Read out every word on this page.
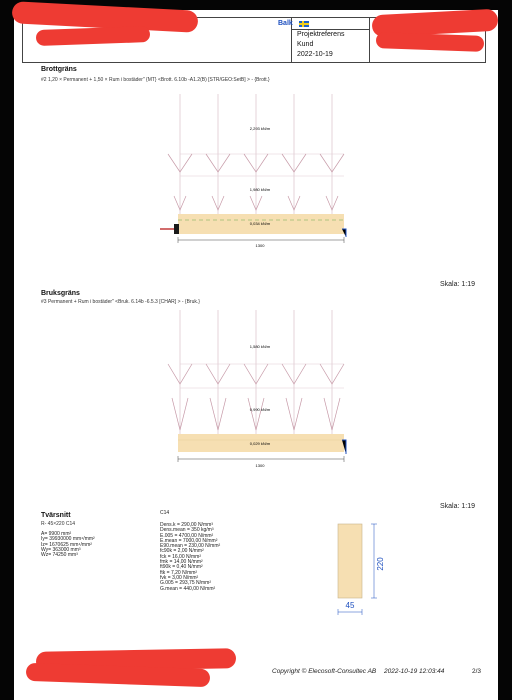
Balk
Projektreferens
Kund
2022-10-19
Brottgräns
#2 1,20 × Permanent + 1,50 × Rum i bostäder" {MT} <Brott. 6.10b -A1.2(B) [STR/GEO:SetB] > - {Brott.}
2,293 kN/m
1,980 kN/m
0,034 kN/m
1300
Skala: 1:19
Bruksgräns
#3 Permanent + Rum i bostäder" <Bruk. 6.14b -6.5.3 [CHAR] > - {Bruk.}
1,580 kN/m
0,990 kN/m
0,029 kN/m
1300
Skala: 1:19
Tvärsnitt
R- 45×220 C14
A= 9900 mm²
Iy= 39930000 mm⁴/mm²
Iz= 1670625 mm⁴/mm²
Wy= 363000 mm³
Wz= 74250 mm³
C14
Dens.k = 290,00 N/mm³
Dens.mean = 350 kg/m³
E.005 = 4700,00 N/mm²
E.mean = 7000,00 N/mm²
E90.mean = 230,00 N/mm²
fc90k = 2,00 N/mm²
fck = 16,00 N/mm²
fmk = 14,00 N/mm²
ft90k = 0,40 N/mm²
ftk = 7,20 N/mm²
fvk = 3,00 N/mm²
G.005 = 293,75 N/mm²
G.mean = 440,00 N/mm²
220
45
Copyright © Elecosoft-Consultec AB 2022-10-19 12:03:44	2/3
